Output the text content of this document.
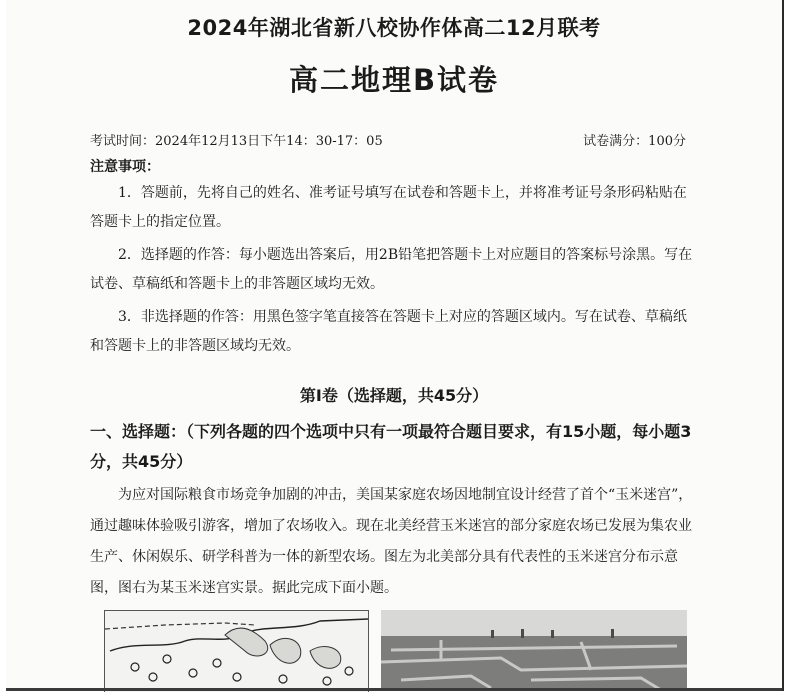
2024年湖北省新八校协作体高二12月联考
高二地理B试卷
考试时间：2024年12月13日下午14：30-17：05	试卷满分：100分
注意事项：

1．答题前，先将自己的姓名、准考证号填写在试卷和答题卡上，并将准考证号条形码粘贴在答题卡上的指定位置。

2．选择题的作答：每小题选出答案后，用2B铅笔把答题卡上对应题目的答案标号涂黑。写在试卷、草稿纸和答题卡上的非答题区域均无效。

3．非选择题的作答：用黑色签字笔直接答在答题卡上对应的答题区域内。写在试卷、草稿纸和答题卡上的非答题区域均无效。

第Ⅰ卷（选择题，共45分）
一、选择题：（下列各题的四个选项中只有一项最符合题目要求，有15小题，每小题3分，共45分）
为应对国际粮食市场竞争加剧的冲击，美国某家庭农场因地制宜设计经营了首个“玉米迷宫”，通过趣味体验吸引游客，增加了农场收入。现在北美经营玉米迷宫的部分家庭农场已发展为集农业生产、休闲娱乐、研学科普为一体的新型农场。图左为北美部分具有代表性的玉米迷宫分布示意图，图右为某玉米迷宫实景。据此完成下面小题。
